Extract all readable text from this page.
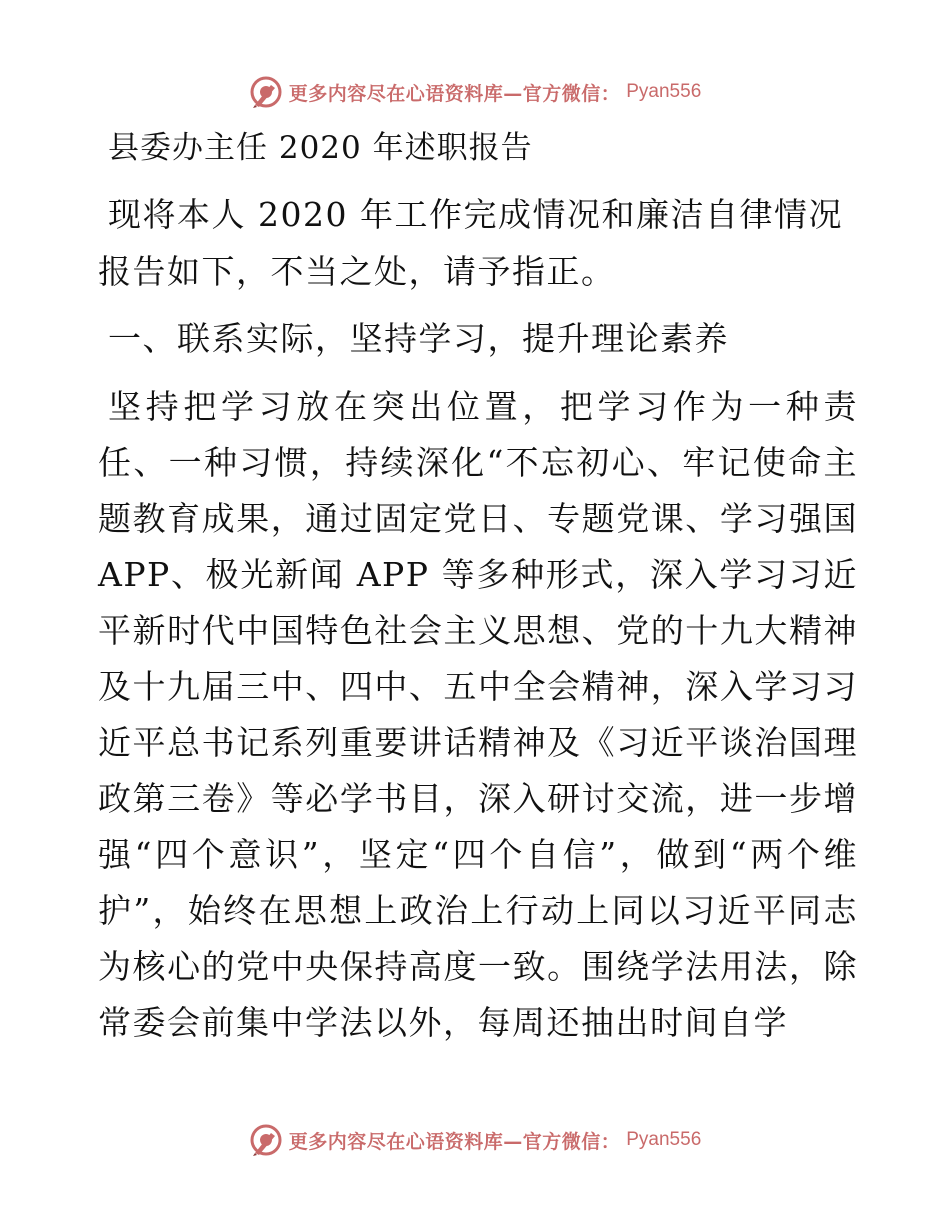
更多内容尽在心语资料库—官方微信： Pyan556
县委办主任 2020 年述职报告

现将本人 2020 年工作完成情况和廉洁自律情况报告如下，不当之处，请予指正。

一、联系实际，坚持学习，提升理论素养

坚持把学习放在突出位置，把学习作为一种责任、一种习惯，持续深化“不忘初心、牢记使命主题教育成果，通过固定党日、专题党课、学习强国 APP、极光新闻 APP 等多种形式，深入学习习近平新时代中国特色社会主义思想、党的十九大精神及十九届三中、四中、五中全会精神，深入学习习近平总书记系列重要讲话精神及《习近平谈治国理政第三卷》等必学书目，深入研讨交流，进一步增强“四个意识”，坚定“四个自信”，做到“两个维护”，始终在思想上政治上行动上同以习近平同志为核心的党中央保持高度一致。围绕学法用法，除常委会前集中学法以外，每周还抽出时间自学

更多内容尽在心语资料库—官方微信： Pyan556
